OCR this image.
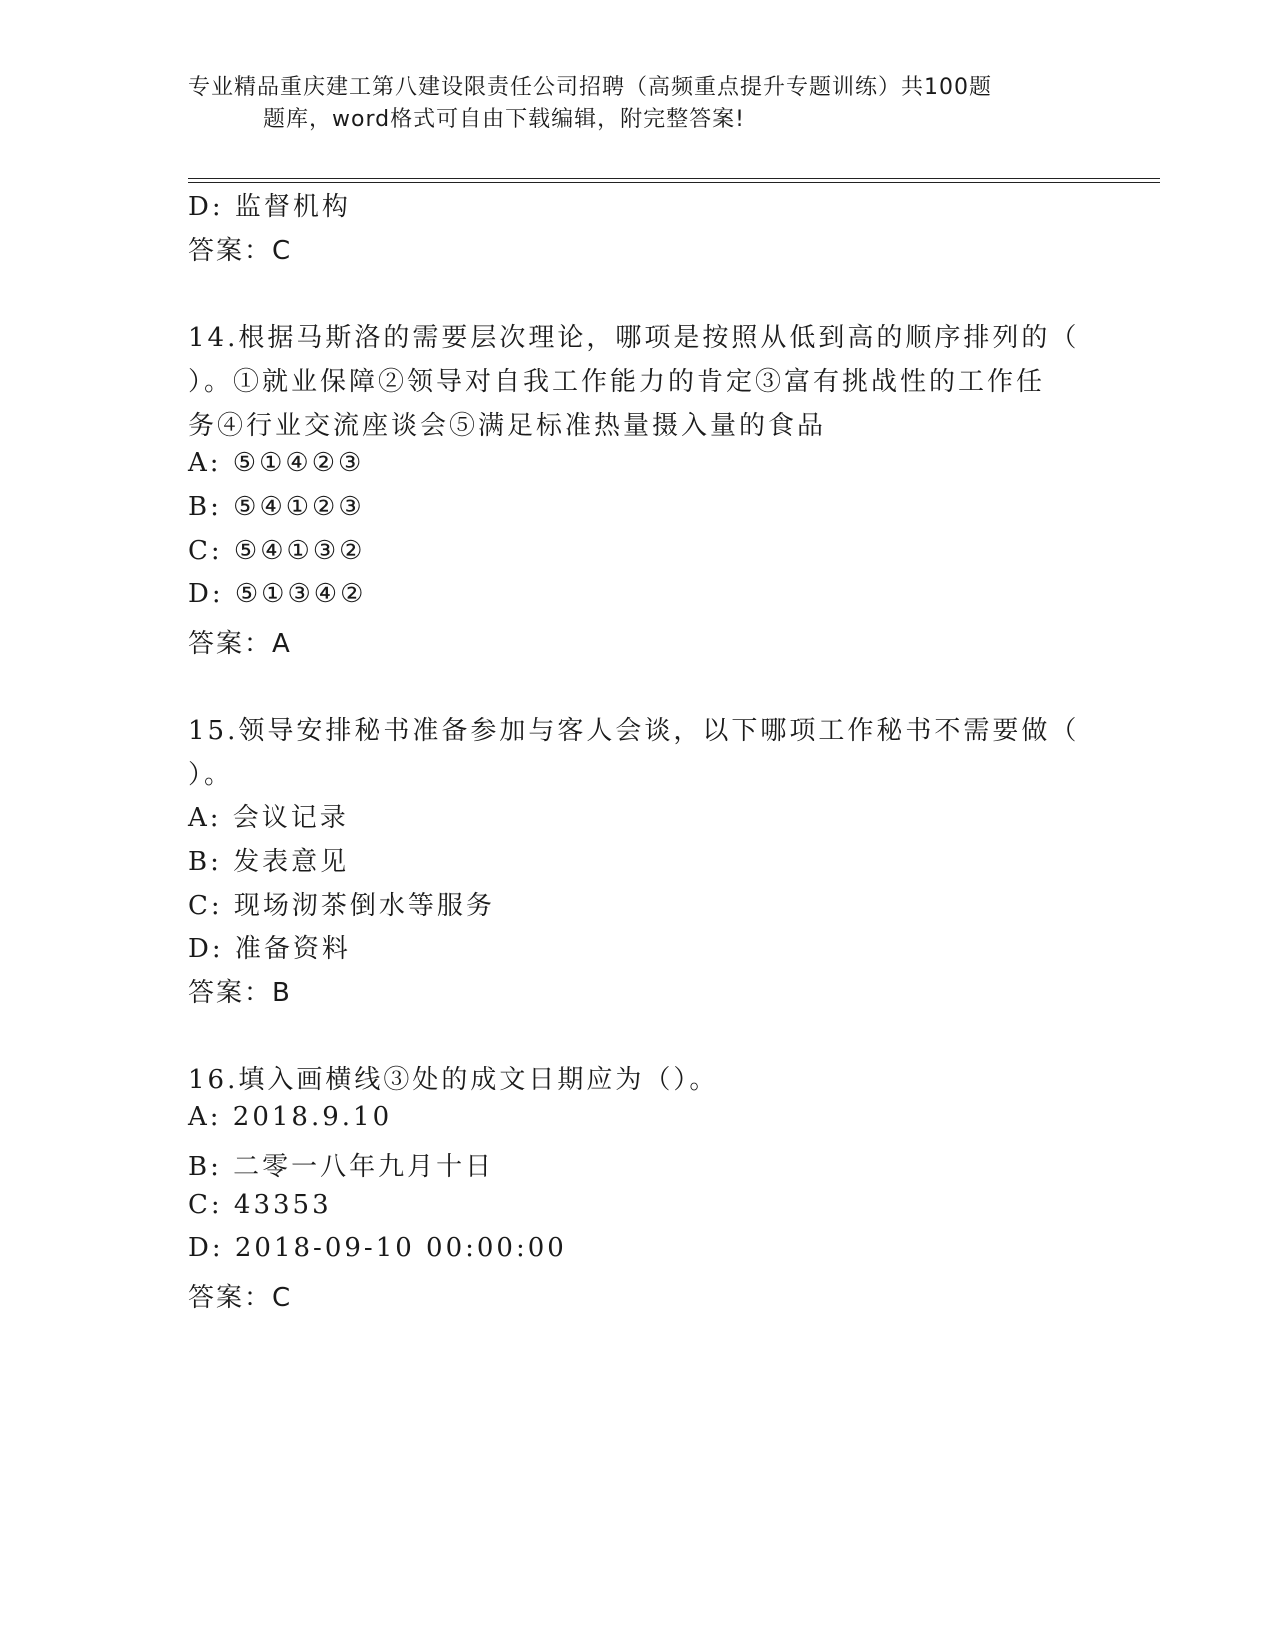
专业精品重庆建工第八建设限责任公司招聘（高频重点提升专题训练）共100题
题库，word格式可自由下载编辑，附完整答案!
D: 监督机构
答案：C
14.根据马斯洛的需要层次理论，哪项是按照从低到高的顺序排列的（
）。①就业保障②领导对自我工作能力的肯定③富有挑战性的工作任
务④行业交流座谈会⑤满足标准热量摄入量的食品
A: ⑤①④②③
B: ⑤④①②③
C: ⑤④①③②
D: ⑤①③④②
答案：A
15.领导安排秘书准备参加与客人会谈，以下哪项工作秘书不需要做（
）。
A: 会议记录
B: 发表意见
C: 现场沏茶倒水等服务
D: 准备资料
答案：B
16.填入画横线③处的成文日期应为（）。
A: 2018.9.10
B: 二零一八年九月十日
C: 43353
D: 2018-09-10 00:00:00
答案：C
